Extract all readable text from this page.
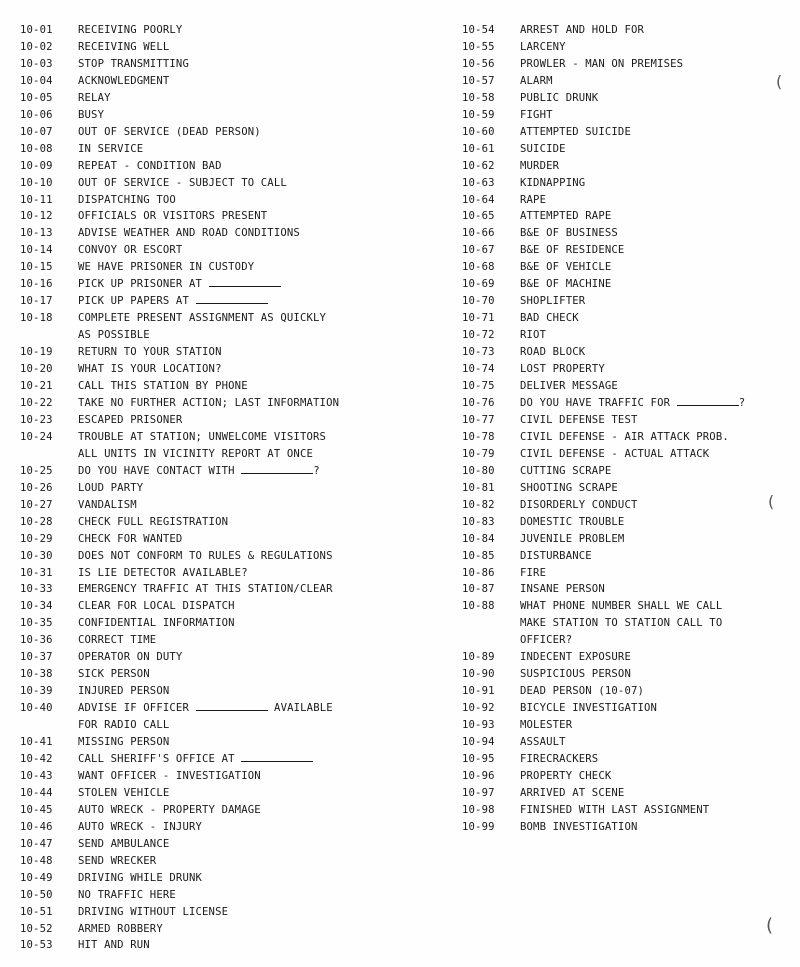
10-01	RECEIVING POORLY
10-02	RECEIVING WELL
10-03	STOP TRANSMITTING
10-04	ACKNOWLEDGMENT
10-05	RELAY
10-06	BUSY
10-07	OUT OF SERVICE (DEAD PERSON)
10-08	IN SERVICE
10-09	REPEAT - CONDITION BAD
10-10	OUT OF SERVICE - SUBJECT TO CALL
10-11	DISPATCHING TOO
10-12	OFFICIALS OR VISITORS PRESENT
10-13	ADVISE WEATHER AND ROAD CONDITIONS
10-14	CONVOY OR ESCORT
10-15	WE HAVE PRISONER IN CUSTODY
10-16	PICK UP PRISONER AT
10-17	PICK UP PAPERS AT
10-18	COMPLETE PRESENT ASSIGNMENT AS QUICKLY
AS POSSIBLE
10-19	RETURN TO YOUR STATION
10-20	WHAT IS YOUR LOCATION?
10-21	CALL THIS STATION BY PHONE
10-22	TAKE NO FURTHER ACTION; LAST INFORMATION
10-23	ESCAPED PRISONER
10-24	TROUBLE AT STATION; UNWELCOME VISITORS
ALL UNITS IN VICINITY REPORT AT ONCE
10-25	DO YOU HAVE CONTACT WITH	?
10-26	LOUD PARTY
10-27	VANDALISM
10-28	CHECK FULL REGISTRATION
10-29	CHECK FOR WANTED
10-30	DOES NOT CONFORM TO RULES & REGULATIONS
10-31	IS LIE DETECTOR AVAILABLE?
10-33	EMERGENCY TRAFFIC AT THIS STATION/CLEAR
10-34	CLEAR FOR LOCAL DISPATCH
10-35	CONFIDENTIAL INFORMATION
10-36	CORRECT TIME
10-37	OPERATOR ON DUTY
10-38	SICK PERSON
10-39	INJURED PERSON
10-40	ADVISE IF OFFICER	AVAILABLE
FOR RADIO CALL
10-41	MISSING PERSON
10-42	CALL SHERIFF'S OFFICE AT
10-43	WANT OFFICER - INVESTIGATION
10-44	STOLEN VEHICLE
10-45	AUTO WRECK - PROPERTY DAMAGE
10-46	AUTO WRECK - INJURY
10-47	SEND AMBULANCE
10-48	SEND WRECKER
10-49	DRIVING WHILE DRUNK
10-50	NO TRAFFIC HERE
10-51	DRIVING WITHOUT LICENSE
10-52	ARMED ROBBERY
10-53	HIT AND RUN
10-54	ARREST AND HOLD FOR
10-55	LARCENY
10-56	PROWLER - MAN ON PREMISES
10-57	ALARM
10-58	PUBLIC DRUNK
10-59	FIGHT
10-60	ATTEMPTED SUICIDE
10-61	SUICIDE
10-62	MURDER
10-63	KIDNAPPING
10-64	RAPE
10-65	ATTEMPTED RAPE
10-66	B&E OF BUSINESS
10-67	B&E OF RESIDENCE
10-68	B&E OF VEHICLE
10-69	B&E OF MACHINE
10-70	SHOPLIFTER
10-71	BAD CHECK
10-72	RIOT
10-73	ROAD BLOCK
10-74	LOST PROPERTY
10-75	DELIVER MESSAGE
10-76	DO YOU HAVE TRAFFIC FOR	?
10-77	CIVIL DEFENSE TEST
10-78	CIVIL DEFENSE - AIR ATTACK PROB.
10-79	CIVIL DEFENSE - ACTUAL ATTACK
10-80	CUTTING SCRAPE
10-81	SHOOTING SCRAPE
10-82	DISORDERLY CONDUCT
10-83	DOMESTIC TROUBLE
10-84	JUVENILE PROBLEM
10-85	DISTURBANCE
10-86	FIRE
10-87	INSANE PERSON
10-88	WHAT PHONE NUMBER SHALL WE CALL
MAKE STATION TO STATION CALL TO
OFFICER?
10-89	INDECENT EXPOSURE
10-90	SUSPICIOUS PERSON
10-91	DEAD PERSON (10-07)
10-92	BICYCLE INVESTIGATION
10-93	MOLESTER
10-94	ASSAULT
10-95	FIRECRACKERS
10-96	PROPERTY CHECK
10-97	ARRIVED AT SCENE
10-98	FINISHED WITH LAST ASSIGNMENT
10-99	BOMB INVESTIGATION
(
(
(
